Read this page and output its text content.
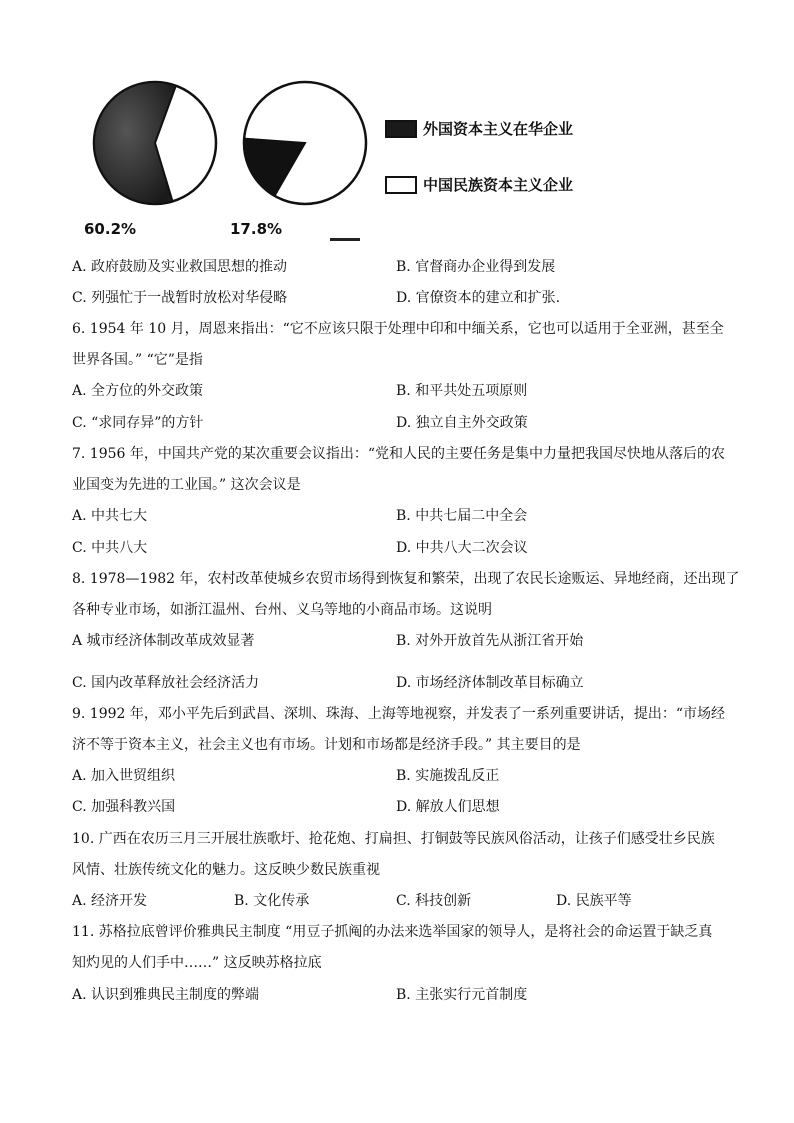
60.2%	17.8%
外国资本主义在华企业
中国民族资本主义企业
A. 政府鼓励及实业救国思想的推动	B. 官督商办企业得到发展
C. 列强忙于一战暂时放松对华侵略	D. 官僚资本的建立和扩张.
6. 1954 年 10 月，周恩来指出：“它不应该只限于处理中印和中缅关系，它也可以适用于全亚洲，甚至全
世界各国。” “它”是指
A. 全方位的外交政策	B. 和平共处五项原则
C. “求同存异”的方针	D. 独立自主外交政策
7. 1956 年，中国共产党的某次重要会议指出：“党和人民的主要任务是集中力量把我国尽快地从落后的农
业国变为先进的工业国。” 这次会议是
A. 中共七大	B. 中共七届二中全会
C. 中共八大	D. 中共八大二次会议
8. 1978—1982 年，农村改革使城乡农贸市场得到恢复和繁荣，出现了农民长途贩运、异地经商，还出现了
各种专业市场，如浙江温州、台州、义乌等地的小商品市场。这说明
A 城市经济体制改革成效显著	B. 对外开放首先从浙江省开始
C. 国内改革释放社会经济活力	D. 市场经济体制改革目标确立
9. 1992 年，邓小平先后到武昌、深圳、珠海、上海等地视察，并发表了一系列重要讲话，提出：“市场经
济不等于资本主义，社会主义也有市场。计划和市场都是经济手段。” 其主要目的是
A. 加入世贸组织	B. 实施拨乱反正
C. 加强科教兴国	D. 解放人们思想
10. 广西在农历三月三开展壮族歌圩、抢花炮、打扁担、打铜鼓等民族风俗活动，让孩子们感受壮乡民族
风情、壮族传统文化的魅力。这反映少数民族重视
A. 经济开发	B. 文化传承	C. 科技创新	D. 民族平等
11. 苏格拉底曾评价雅典民主制度 “用豆子抓阄的办法来选举国家的领导人，是将社会的命运置于缺乏真
知灼见的人们手中……” 这反映苏格拉底
A. 认识到雅典民主制度的弊端	B. 主张实行元首制度
